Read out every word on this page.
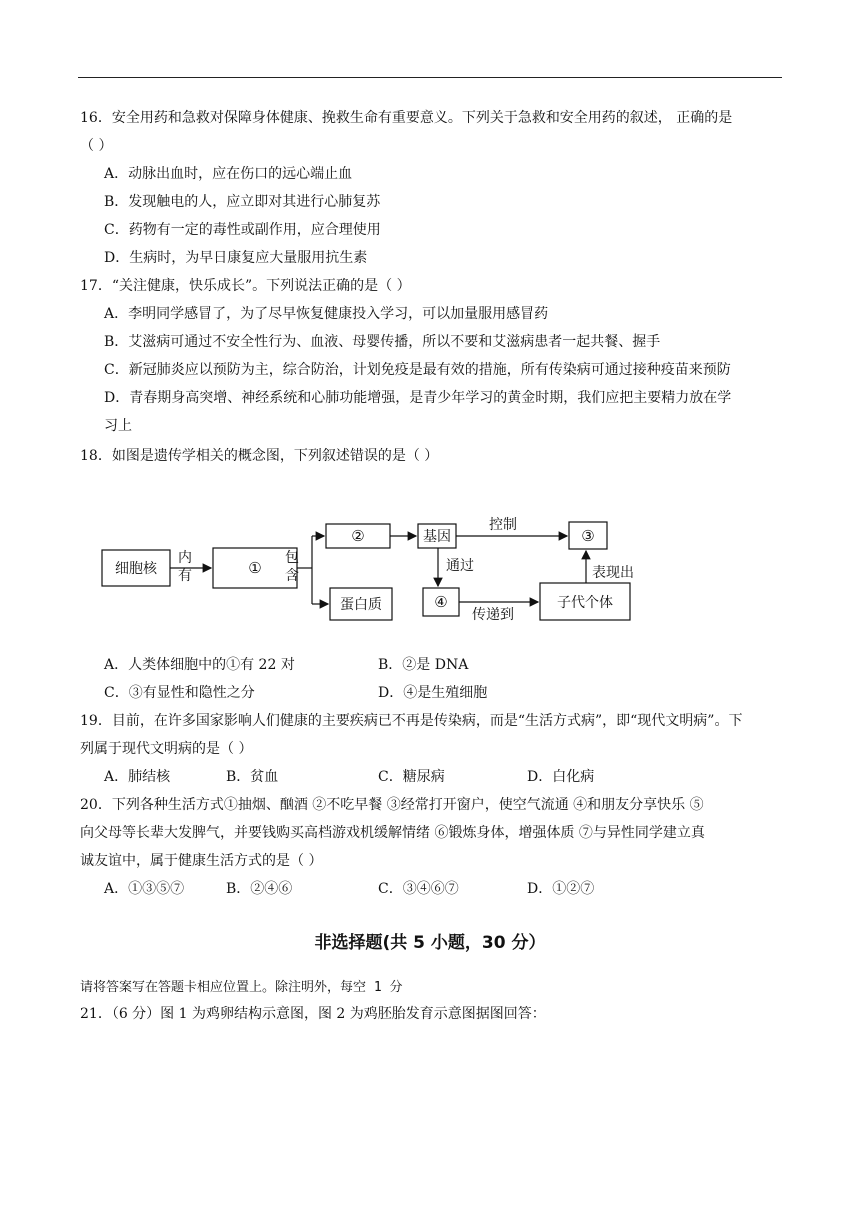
16．安全用药和急救对保障身体健康、挽救生命有重要意义。下列关于急救和安全用药的叙述， 正确的是
（ ）
A．动脉出血时，应在伤口的远心端止血
B．发现触电的人，应立即对其进行心肺复苏
C．药物有一定的毒性或副作用，应合理使用
D．生病时，为早日康复应大量服用抗生素
17．“关注健康，快乐成长”。下列说法正确的是（ ）
A．李明同学感冒了，为了尽早恢复健康投入学习，可以加量服用感冒药
B．艾滋病可通过不安全性行为、血液、母婴传播，所以不要和艾滋病患者一起共餐、握手
C．新冠肺炎应以预防为主，综合防治，计划免疫是最有效的措施，所有传染病可通过接种疫苗来预防
D．青春期身高突增、神经系统和心肺功能增强，是青少年学习的黄金时期，我们应把主要精力放在学
习上
18．如图是遗传学相关的概念图，下列叙述错误的是（ ）
细胞核
内
有	①
包
含
②
蛋白质
基因
控制
③
通过	表现出
④
传递到
子代个体
A．人类体细胞中的①有 22 对	B．②是 DNA
C．③有显性和隐性之分	D．④是生殖细胞
19．目前，在许多国家影响人们健康的主要疾病已不再是传染病，而是“生活方式病”，即“现代文明病”。下
列属于现代文明病的是（ ）
A．肺结核	B．贫血	C．糖尿病	D．白化病
20．下列各种生活方式①抽烟、酗酒 ②不吃早餐 ③经常打开窗户，使空气流通 ④和朋友分享快乐 ⑤
向父母等长辈大发脾气，并要钱购买高档游戏机缓解情绪 ⑥锻炼身体，增强体质 ⑦与异性同学建立真
诚友谊中，属于健康生活方式的是（ ）
A．①③⑤⑦	B．②④⑥	C．③④⑥⑦	D．①②⑦
非选择题(共 5 小题，30 分）
请将答案写在答题卡相应位置上。除注明外，每空 1 分
21．（6 分）图 1 为鸡卵结构示意图，图 2 为鸡胚胎发育示意图据图回答：
